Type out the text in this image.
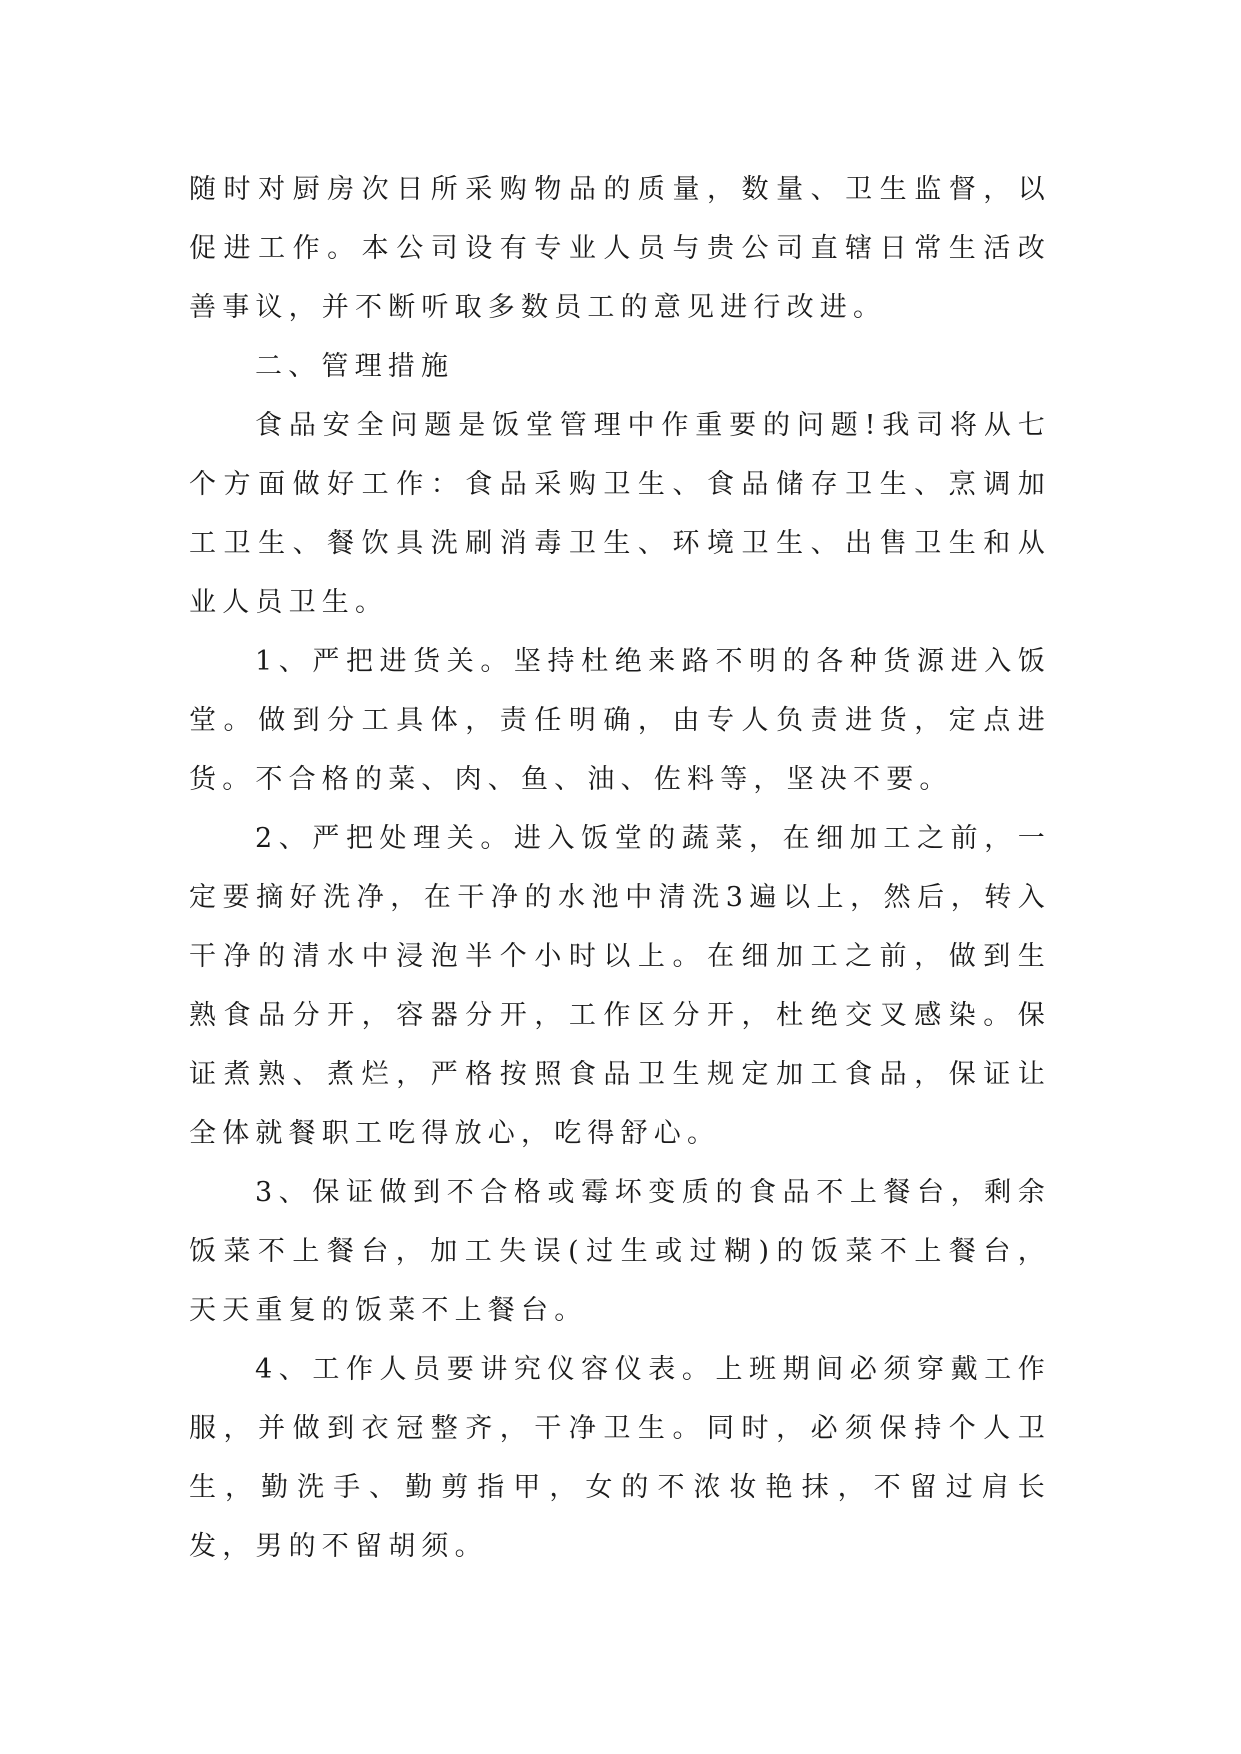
随时对厨房次日所采购物品的质量，数量、卫生监督，以促进工作。本公司设有专业人员与贵公司直辖日常生活改善事议，并不断听取多数员工的意见进行改进。

二、管理措施

食品安全问题是饭堂管理中作重要的问题!我司将从七个方面做好工作：食品采购卫生、食品储存卫生、烹调加工卫生、餐饮具洗刷消毒卫生、环境卫生、出售卫生和从业人员卫生。

1、严把进货关。坚持杜绝来路不明的各种货源进入饭堂。做到分工具体，责任明确，由专人负责进货，定点进货。不合格的菜、肉、鱼、油、佐料等，坚决不要。

2、严把处理关。进入饭堂的蔬菜，在细加工之前，一定要摘好洗净，在干净的水池中清洗3遍以上，然后，转入干净的清水中浸泡半个小时以上。在细加工之前，做到生熟食品分开，容器分开，工作区分开，杜绝交叉感染。保证煮熟、煮烂，严格按照食品卫生规定加工食品，保证让全体就餐职工吃得放心，吃得舒心。

3、保证做到不合格或霉坏变质的食品不上餐台，剩余饭菜不上餐台，加工失误(过生或过糊)的饭菜不上餐台，天天重复的饭菜不上餐台。

4、工作人员要讲究仪容仪表。上班期间必须穿戴工作服，并做到衣冠整齐，干净卫生。同时，必须保持个人卫生，勤洗手、勤剪指甲，女的不浓妆艳抹，不留过肩长发，男的不留胡须。
